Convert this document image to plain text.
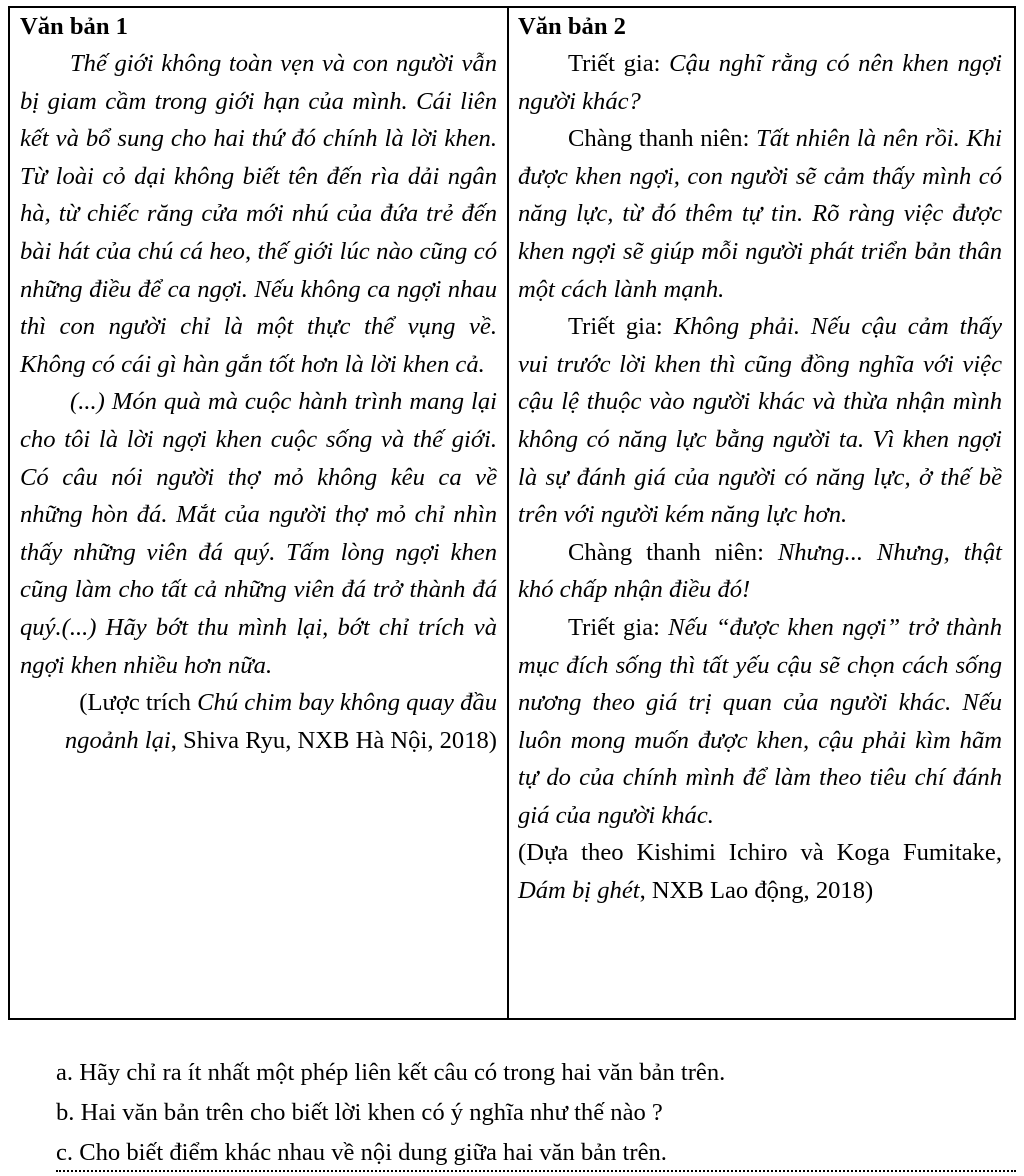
Văn bản 1

Thế giới không toàn vẹn và con người vẫn bị giam cầm trong giới hạn của mình. Cái liên kết và bổ sung cho hai thứ đó chính là lời khen. Từ loài cỏ dại không biết tên đến rìa dải ngân hà, từ chiếc răng cửa mới nhú của đứa trẻ đến bài hát của chú cá heo, thế giới lúc nào cũng có những điều để ca ngợi. Nếu không ca ngợi nhau thì con người chỉ là một thực thể vụng về. Không có cái gì hàn gắn tốt hơn là lời khen cả.

(...) Món quà mà cuộc hành trình mang lại cho tôi là lời ngợi khen cuộc sống và thế giới. Có câu nói người thợ mỏ không kêu ca về những hòn đá. Mắt của người thợ mỏ chỉ nhìn thấy những viên đá quý. Tấm lòng ngợi khen cũng làm cho tất cả những viên đá trở thành đá quý.(...) Hãy bớt thu mình lại, bớt chỉ trích và ngợi khen nhiều hơn nữa.

(Lược trích Chú chim bay không quay đầu ngoảnh lại, Shiva Ryu, NXB Hà Nội, 2018)

Văn bản 2

Triết gia: Cậu nghĩ rằng có nên khen ngợi người khác?

Chàng thanh niên: Tất nhiên là nên rồi. Khi được khen ngợi, con người sẽ cảm thấy mình có năng lực, từ đó thêm tự tin. Rõ ràng việc được khen ngợi sẽ giúp mỗi người phát triển bản thân một cách lành mạnh.

Triết gia: Không phải. Nếu cậu cảm thấy vui trước lời khen thì cũng đồng nghĩa với việc cậu lệ thuộc vào người khác và thừa nhận mình không có năng lực bằng người ta. Vì khen ngợi là sự đánh giá của người có năng lực, ở thế bề trên với người kém năng lực hơn.

Chàng thanh niên: Nhưng... Nhưng, thật khó chấp nhận điều đó!

Triết gia: Nếu “được khen ngợi” trở thành mục đích sống thì tất yếu cậu sẽ chọn cách sống nương theo giá trị quan của người khác. Nếu luôn mong muốn được khen, cậu phải kìm hãm tự do của chính mình để làm theo tiêu chí đánh giá của người khác.

(Dựa theo Kishimi Ichiro và Koga Fumitake, Dám bị ghét, NXB Lao động, 2018)

a. Hãy chỉ ra ít nhất một phép liên kết câu có trong hai văn bản trên.

b. Hai văn bản trên cho biết lời khen có ý nghĩa như thế nào ?

c. Cho biết điểm khác nhau về nội dung giữa hai văn bản trên.
